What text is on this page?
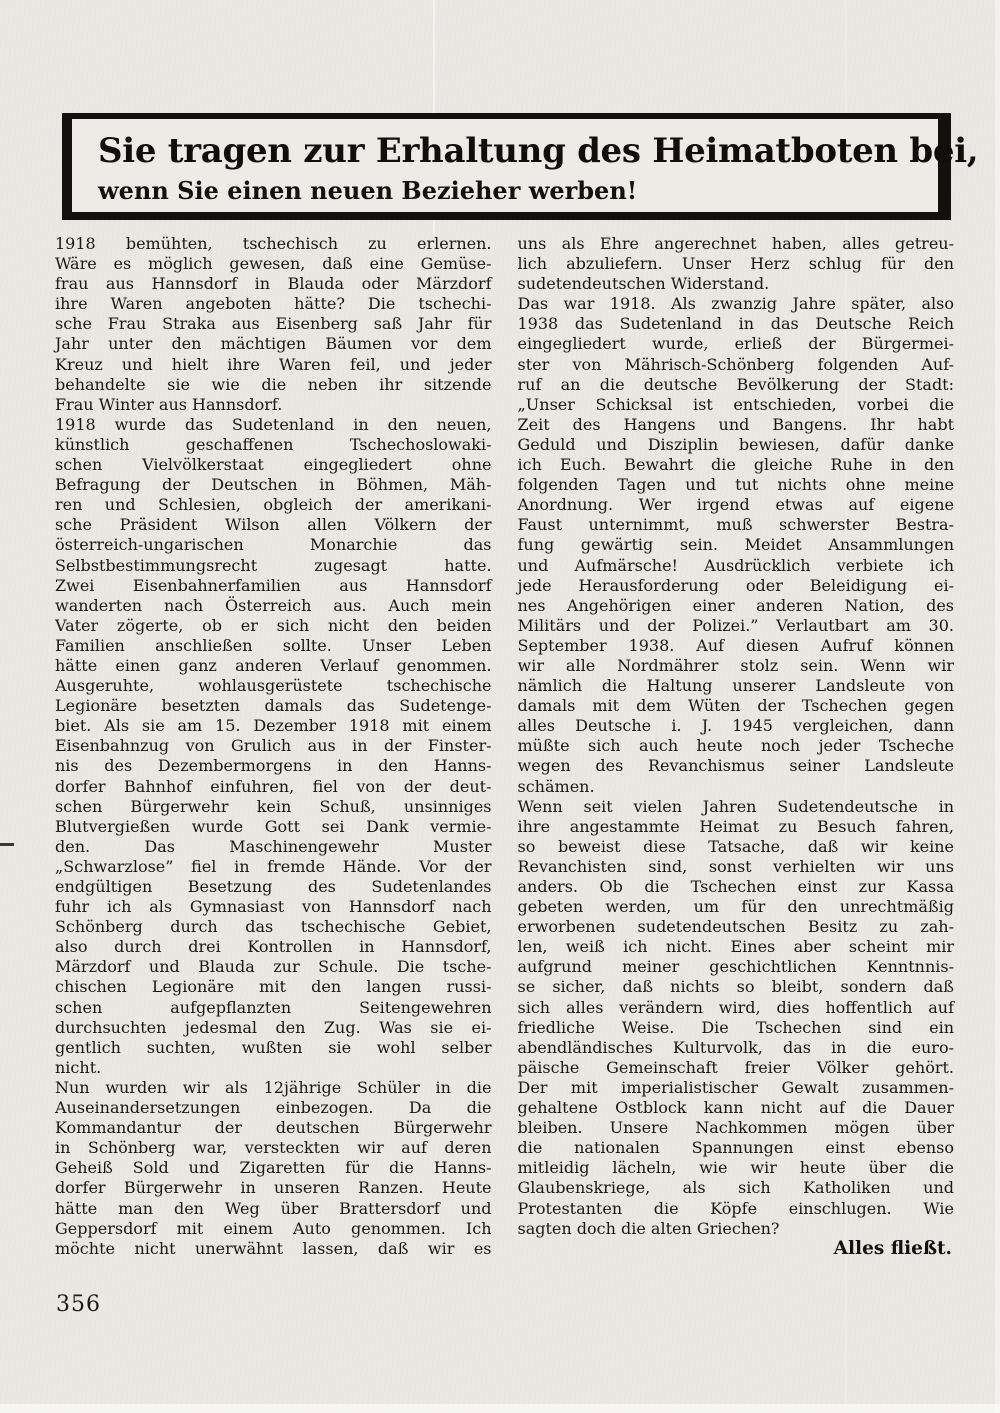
Sie tragen zur Erhaltung des Heimatboten bei,
wenn Sie einen neuen Bezieher werben!
1918 bemühten, tschechisch zu erlernen.
Wäre es möglich gewesen, daß eine Gemüse-
frau aus Hannsdorf in Blauda oder Märzdorf
ihre Waren angeboten hätte? Die tschechi-
sche Frau Straka aus Eisenberg saß Jahr für
Jahr unter den mächtigen Bäumen vor dem
Kreuz und hielt ihre Waren feil, und jeder
behandelte sie wie die neben ihr sitzende
Frau Winter aus Hannsdorf.
1918 wurde das Sudetenland in den neuen,
künstlich geschaffenen Tschechoslowaki-
schen Vielvölkerstaat eingegliedert ohne
Befragung der Deutschen in Böhmen, Mäh-
ren und Schlesien, obgleich der amerikani-
sche Präsident Wilson allen Völkern der
österreich-ungarischen Monarchie das
Selbstbestimmungsrecht zugesagt hatte.
Zwei Eisenbahnerfamilien aus Hannsdorf
wanderten nach Österreich aus. Auch mein
Vater zögerte, ob er sich nicht den beiden
Familien anschließen sollte. Unser Leben
hätte einen ganz anderen Verlauf genommen.
Ausgeruhte, wohlausgerüstete tschechische
Legionäre besetzten damals das Sudetenge-
biet. Als sie am 15. Dezember 1918 mit einem
Eisenbahnzug von Grulich aus in der Finster-
nis des Dezembermorgens in den Hanns-
dorfer Bahnhof einfuhren, fiel von der deut-
schen Bürgerwehr kein Schuß, unsinniges
Blutvergießen wurde Gott sei Dank vermie-
den. Das Maschinengewehr Muster
„Schwarzlose” fiel in fremde Hände. Vor der
endgültigen Besetzung des Sudetenlandes
fuhr ich als Gymnasiast von Hannsdorf nach
Schönberg durch das tschechische Gebiet,
also durch drei Kontrollen in Hannsdorf,
Märzdorf und Blauda zur Schule. Die tsche-
chischen Legionäre mit den langen russi-
schen aufgepflanzten Seitengewehren
durchsuchten jedesmal den Zug. Was sie ei-
gentlich suchten, wußten sie wohl selber
nicht.
Nun wurden wir als 12jährige Schüler in die
Auseinandersetzungen einbezogen. Da die
Kommandantur der deutschen Bürgerwehr
in Schönberg war, versteckten wir auf deren
Geheiß Sold und Zigaretten für die Hanns-
dorfer Bürgerwehr in unseren Ranzen. Heute
hätte man den Weg über Brattersdorf und
Geppersdorf mit einem Auto genommen. Ich
möchte nicht unerwähnt lassen, daß wir es
uns als Ehre angerechnet haben, alles getreu-
lich abzuliefern. Unser Herz schlug für den
sudetendeutschen Widerstand.
Das war 1918. Als zwanzig Jahre später, also
1938 das Sudetenland in das Deutsche Reich
eingegliedert wurde, erließ der Bürgermei-
ster von Mährisch-Schönberg folgenden Auf-
ruf an die deutsche Bevölkerung der Stadt:
„Unser Schicksal ist entschieden, vorbei die
Zeit des Hangens und Bangens. Ihr habt
Geduld und Disziplin bewiesen, dafür danke
ich Euch. Bewahrt die gleiche Ruhe in den
folgenden Tagen und tut nichts ohne meine
Anordnung. Wer irgend etwas auf eigene
Faust unternimmt, muß schwerster Bestra-
fung gewärtig sein. Meidet Ansammlungen
und Aufmärsche! Ausdrücklich verbiete ich
jede Herausforderung oder Beleidigung ei-
nes Angehörigen einer anderen Nation, des
Militärs und der Polizei.” Verlautbart am 30.
September 1938. Auf diesen Aufruf können
wir alle Nordmährer stolz sein. Wenn wir
nämlich die Haltung unserer Landsleute von
damals mit dem Wüten der Tschechen gegen
alles Deutsche i. J. 1945 vergleichen, dann
müßte sich auch heute noch jeder Tscheche
wegen des Revanchismus seiner Landsleute
schämen.
Wenn seit vielen Jahren Sudetendeutsche in
ihre angestammte Heimat zu Besuch fahren,
so beweist diese Tatsache, daß wir keine
Revanchisten sind, sonst verhielten wir uns
anders. Ob die Tschechen einst zur Kassa
gebeten werden, um für den unrechtmäßig
erworbenen sudetendeutschen Besitz zu zah-
len, weiß ich nicht. Eines aber scheint mir
aufgrund meiner geschichtlichen Kenntnnis-
se sicher, daß nichts so bleibt, sondern daß
sich alles verändern wird, dies hoffentlich auf
friedliche Weise. Die Tschechen sind ein
abendländisches Kulturvolk, das in die euro-
päische Gemeinschaft freier Völker gehört.
Der mit imperialistischer Gewalt zusammen-
gehaltene Ostblock kann nicht auf die Dauer
bleiben. Unsere Nachkommen mögen über
die nationalen Spannungen einst ebenso
mitleidig lächeln, wie wir heute über die
Glaubenskriege, als sich Katholiken und
Protestanten die Köpfe einschlugen. Wie
sagten doch die alten Griechen?
Alles fließt.
356
